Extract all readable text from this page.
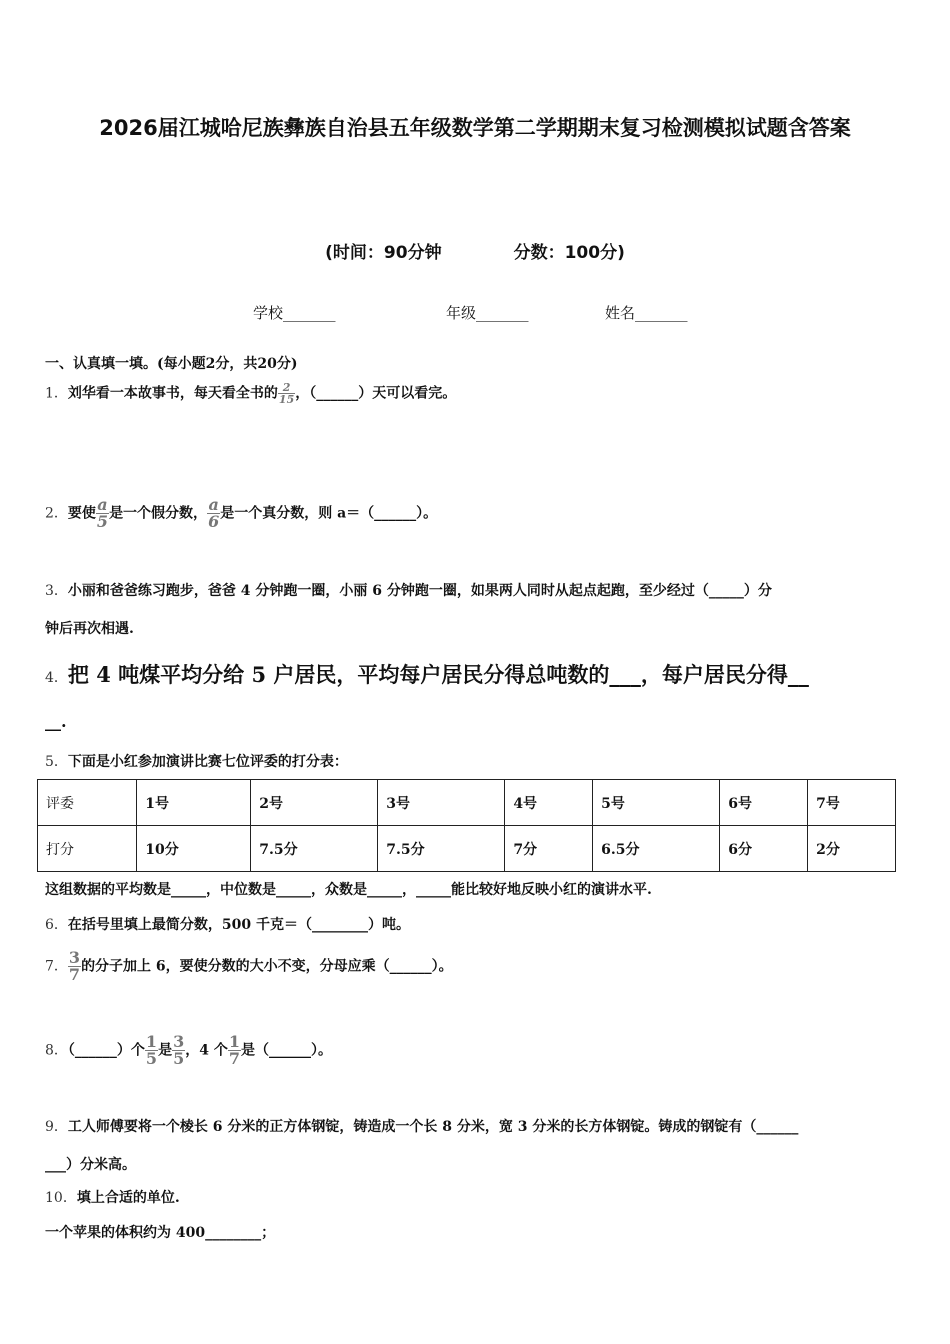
2026届江城哈尼族彝族自治县五年级数学第二学期期末复习检测模拟试题含答案
(时间：90分钟	分数：100分)
学校_______	年级_______	姓名_______
一、认真填一填。(每小题2分，共20分)
1．刘华看一本故事书，每天看全书的 $\frac{2}{15}$ ，（______）天可以看完。
2．要使 $\frac{a}{5}$ 是一个假分数， $\frac{a}{6}$ 是一个真分数，则 a＝（______）。
3．小丽和爸爸练习跑步，爸爸 4 分钟跑一圈，小丽 6 分钟跑一圈，如果两人同时从起点起跑，至少经过（_____）分
钟后再次相遇.
4．把 4 吨煤平均分给 5 户居民，平均每户居民分得总吨数的___，每户居民分得__
__.
5．下面是小红参加演讲比赛七位评委的打分表：
评委	1号	2号	3号	4号	5号	6号	7号
打分	10分	7.5分	7.5分	7分	6.5分	6分	2分
这组数据的平均数是_____，中位数是_____，众数是_____，_____能比较好地反映小红的演讲水平.
6．在括号里填上最简分数，500 千克＝（________）吨。
7． $\frac{3}{7}$ 的分子加上 6，要使分数的大小不变，分母应乘（______）。
8．（______）个 $\frac{1}{5}$ 是 $\frac{3}{5}$ ，4 个 $\frac{1}{7}$ 是（______）。
9．工人师傅要将一个棱长 6 分米的正方体钢锭，铸造成一个长 8 分米，宽 3 分米的长方体钢锭。铸成的钢锭有（______
___）分米高。
10．填上合适的单位.
一个苹果的体积约为 400________；
